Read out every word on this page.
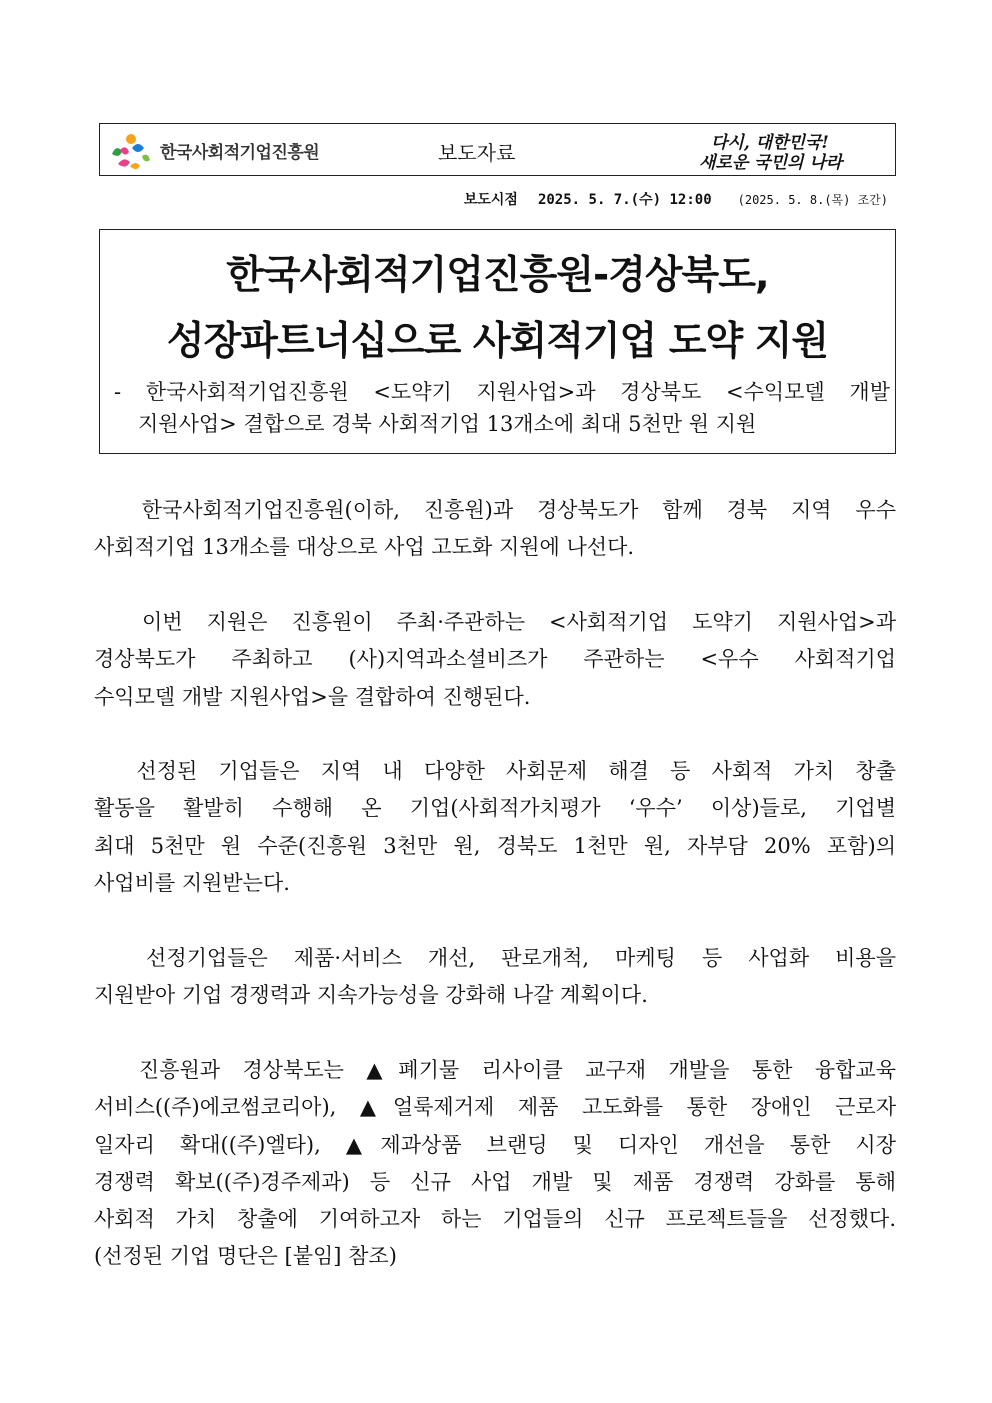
한국사회적기업진흥원	보도자료	다시, 대한민국!
새로운 국민의 나라
보도시점 2025. 5. 7.(수) 12:00 (2025. 5. 8.(목) 조간)
한국사회적기업진흥원-경상북도,
성장파트너십으로 사회적기업 도약 지원
- 한국사회적기업진흥원 <도약기 지원사업>과 경상북도 <수익모델 개발
지원사업> 결합으로 경북 사회적기업 13개소에 최대 5천만 원 지원
한국사회적기업진흥원(이하, 진흥원)과 경상북도가 함께 경북 지역 우수
사회적기업 13개소를 대상으로 사업 고도화 지원에 나선다.
이번 지원은 진흥원이 주최·주관하는 <사회적기업 도약기 지원사업>과
경상북도가 주최하고 (사)지역과소셜비즈가 주관하는 <우수 사회적기업
수익모델 개발 지원사업>을 결합하여 진행된다.
선정된 기업들은 지역 내 다양한 사회문제 해결 등 사회적 가치 창출
활동을 활발히 수행해 온 기업(사회적가치평가 ‘우수’ 이상)들로, 기업별
최대 5천만 원 수준(진흥원 3천만 원, 경북도 1천만 원, 자부담 20% 포함)의
사업비를 지원받는다.
선정기업들은 제품·서비스 개선, 판로개척, 마케팅 등 사업화 비용을
지원받아 기업 경쟁력과 지속가능성을 강화해 나갈 계획이다.
진흥원과 경상북도는 ▲폐기물 리사이클 교구재 개발을 통한 융합교육
서비스((주)에코썸코리아), ▲얼룩제거제 제품 고도화를 통한 장애인 근로자
일자리 확대((주)엘타), ▲제과상품 브랜딩 및 디자인 개선을 통한 시장
경쟁력 확보((주)경주제과) 등 신규 사업 개발 및 제품 경쟁력 강화를 통해
사회적 가치 창출에 기여하고자 하는 기업들의 신규 프로젝트들을 선정했다.
(선정된 기업 명단은 [붙임] 참조)
